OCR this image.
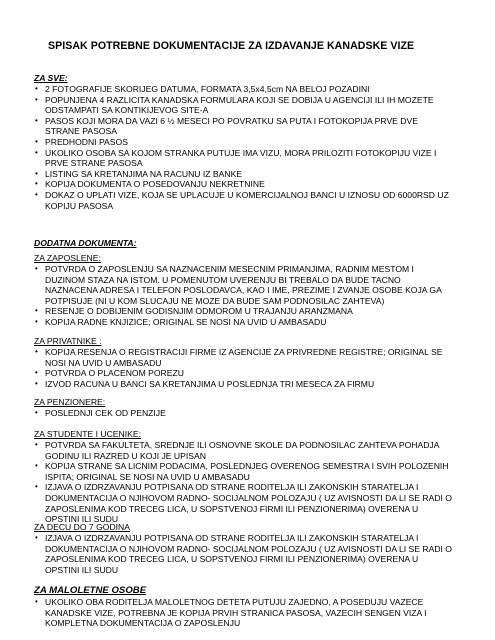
SPISAK POTREBNE DOKUMENTACIJE ZA IZDAVANJE KANADSKE VIZE
ZA SVE:
• 2 FOTOGRAFIJE SKORIJEG DATUMA, FORMATA 3,5x4,5cm NA BELOJ POZADINI
• POPUNJENA 4 RAZLICITA KANADSKA FORMULARA KOJI SE DOBIJA U AGENCIJI ILI IH MOZETE ODSTAMPATI SA KONTIKIJEVOG SITE-A
• PASOS KOJI MORA DA VAZI 6 ½ MESECI PO POVRATKU SA PUTA I FOTOKOPIJA PRVE DVE STRANE PASOSA
• PREDHODNI PASOS
• UKOLIKO OSOBA SA KOJOM STRANKA PUTUJE IMA VIZU, MORA PRILOZITI FOTOKOPIJU VIZE I PRVE STRANE PASOSA
• LISTING SA KRETANJIMA NA RACUNU IZ BANKE
• KOPIJA DOKUMENTA O POSEDOVANJU NEKRETNINE
• DOKAZ O UPLATI VIZE, KOJA SE UPLACUJE U KOMERCIJALNOJ BANCI U IZNOSU OD 6000RSD UZ KOPIJU PASOSA
DODATNA DOKUMENTA:
ZA ZAPOSLENE:
• POTVRDA O ZAPOSLENJU SA NAZNACENIM MESECNIM PRIMANJIMA, RADNIM MESTOM I DUZINOM STAZA NA ISTOM. U POMENUTOM UVERENJU BI TREBALO DA BUDE TACNO NAZNACENA ADRESA I TELEFON POSLODAVCA, KAO I IME, PREZIME I ZVANJE OSOBE KOJA GA POTPISUJE (NI U KOM SLUCAJU NE MOZE DA BUDE SAM PODNOSILAC ZAHTEVA)
• RESENJE O DOBIJENIM GODISNJIM ODMOROM U TRAJANJU ARANZMANA
• KOPIJA RADNE KNJIZICE; ORIGINAL SE NOSI NA UVID U AMBASADU
ZA PRIVATNIKE :
• KOPIJA RESENJA O REGISTRACIJI FIRME IZ AGENCIJE ZA PRIVREDNE REGISTRE; ORIGINAL SE NOSI NA UVID U AMBASADU
• POTVRDA O PLACENOM POREZU
• IZVOD RACUNA U BANCI SA KRETANJIMA U POSLEDNJA TRI MESECA ZA FIRMU
ZA PENZIONERE:
• POSLEDNJI CEK OD PENZIJE
ZA STUDENTE I UCENIKE:
• POTVRDA SA FAKULTETA, SREDNJE ILI OSNOVNE SKOLE DA PODNOSILAC ZAHTEVA POHADJA GODINU ILI RAZRED U KOJI JE UPISAN
• KOPIJA STRANE SA LICNIM PODACIMA, POSLEDNJEG OVERENOG SEMESTRA I SVIH POLOZENIH ISPITA; ORIGINAL SE NOSI NA UVID U AMBASADU
• IZJAVA O IZDRZAVANJU POTPISANA OD STRANE RODITELJA ILI ZAKONSKIH STARATELJA I DOKUMENTACIJA O NJIHOVOM RADNO- SOCIJALNOM POLOZAJU ( UZ AVISNOSTI DA LI SE RADI O ZAPOSLENIMA KOD TRECEG LICA, U SOPSTVENOJ FIRMI ILI PENZIONERIMA) OVERENA U OPSTINI ILI SUDU
ZA DECU DO 7 GODINA
• IZJAVA O IZDRZAVANJU POTPISANA OD STRANE RODITELJA ILI ZAKONSKIH STARATELJA I DOKUMENTACIJA O NJIHOVOM RADNO- SOCIJALNOM POLOZAJU ( UZ AVISNOSTI DA LI SE RADI O ZAPOSLENIMA KOD TRECEG LICA, U SOPSTVENOJ FIRMI ILI PENZIONERIMA) OVERENA U OPSTINI ILI SUDU
ZA MALOLETNE OSOBE
• UKOLIKO OBA RODITELJA MALOLETNOG DETETA PUTUJU ZAJEDNO, A POSEDUJU VAZECE KANADSKE VIZE, POTREBNA JE KOPIJA PRVIH STRANICA PASOSA, VAZECIH SENGEN VIZA I KOMPLETNA DOKUMENTACIJA O ZAPOSLENJU
